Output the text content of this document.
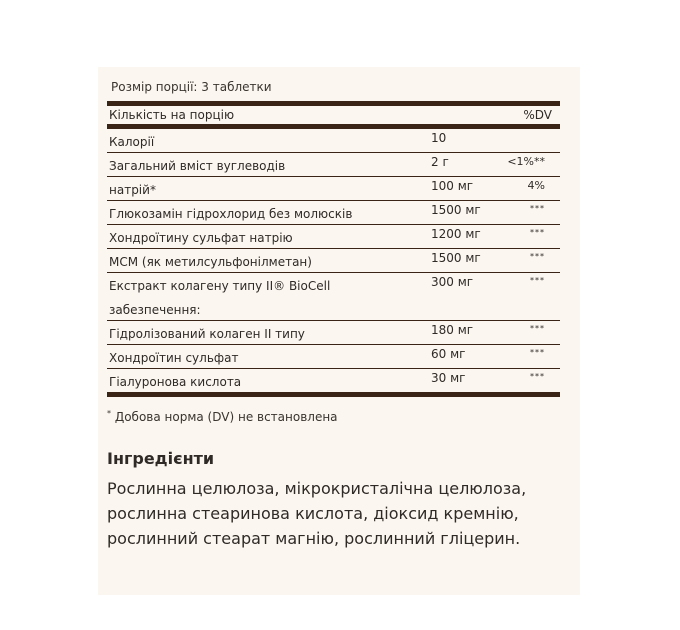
Розмір порції: 3 таблетки
Кількість на порцію	%DV
Калорії	10
Загальний вміст вуглеводів	2 г	<1%**
натрій*	100 мг	4%
Глюкозамін гідрохлорид без молюсків	1500 мг	***
Хондроїтину сульфат натрію	1200 мг	***
МСМ (як метилсульфонілметан)	1500 мг	***
Екстракт колагену типу II® BioCell	300 мг	***
забезпечення:
Гідролізований колаген II типу	180 мг	***
Хондроїтин сульфат	60 мг	***
Гіалуронова кислота	30 мг	***
* Добова норма (DV) не встановлена
Інгредієнти
Рослинна целюлоза, мікрокристалічна целюлоза,
рослинна стеаринова кислота, діоксид кремнію,
рослинний стеарат магнію, рослинний гліцерин.
